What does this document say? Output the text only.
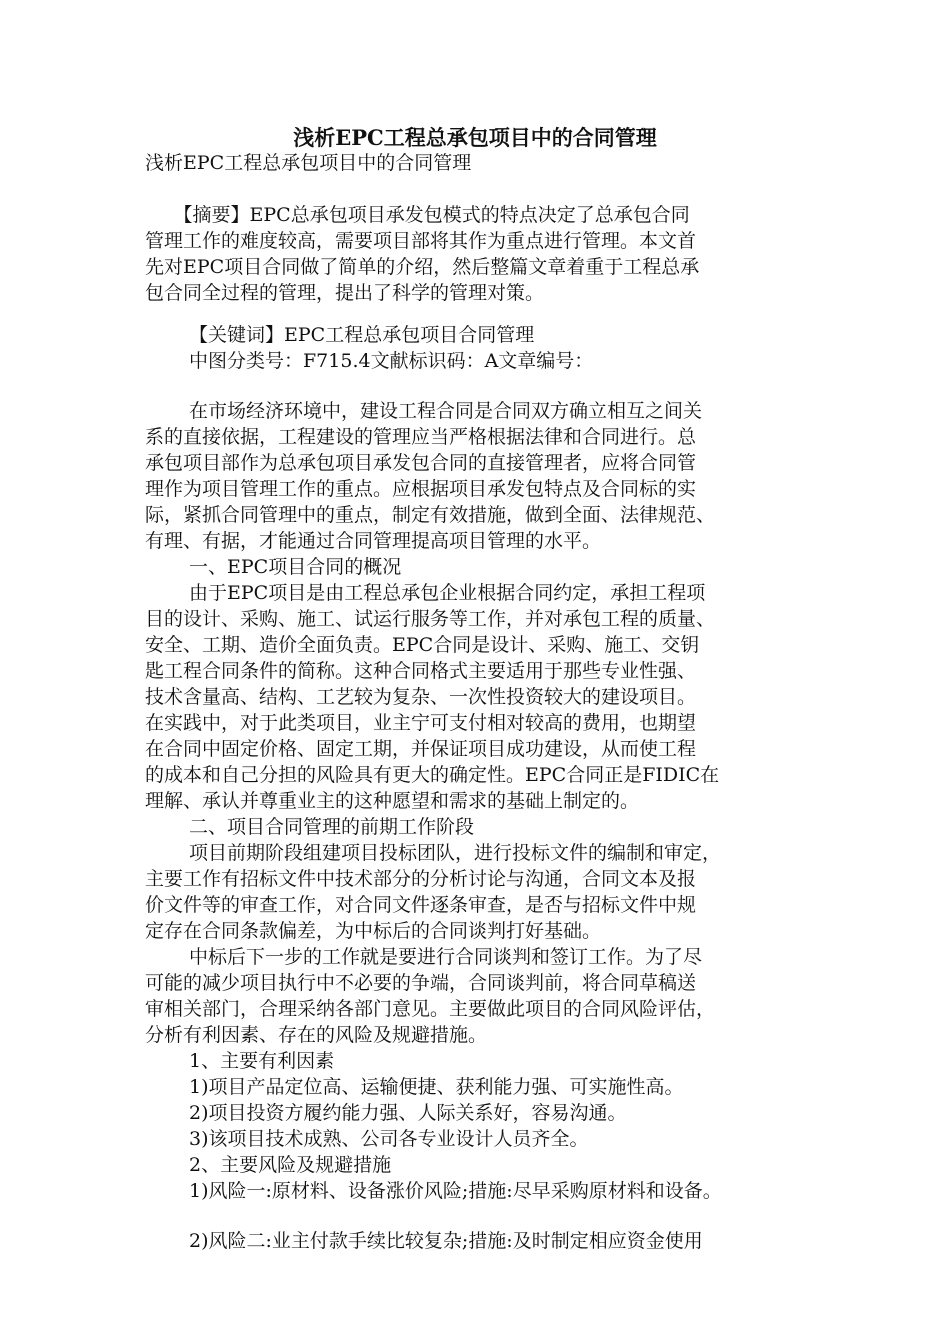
浅析EPC工程总承包项目中的合同管理
浅析EPC工程总承包项目中的合同管理
　　【摘要】EPC总承包项目承发包模式的特点决定了总承包合同
管理工作的难度较高，需要项目部将其作为重点进行管理。本文首
先对EPC项目合同做了简单的介绍，然后整篇文章着重于工程总承
包合同全过程的管理，提出了科学的管理对策。
【关键词】EPC工程总承包项目合同管理
中图分类号：F715.4文献标识码：A文章编号：
在市场经济环境中，建设工程合同是合同双方确立相互之间关
系的直接依据，工程建设的管理应当严格根据法律和合同进行。总
承包项目部作为总承包项目承发包合同的直接管理者，应将合同管
理作为项目管理工作的重点。应根据项目承发包特点及合同标的实
际，紧抓合同管理中的重点，制定有效措施，做到全面、法律规范、
有理、有据，才能通过合同管理提高项目管理的水平。
一、EPC项目合同的概况
由于EPC项目是由工程总承包企业根据合同约定，承担工程项
目的设计、采购、施工、试运行服务等工作，并对承包工程的质量、
安全、工期、造价全面负责。EPC合同是设计、采购、施工、交钥
匙工程合同条件的简称。这种合同格式主要适用于那些专业性强、
技术含量高、结构、工艺较为复杂、一次性投资较大的建设项目。
在实践中，对于此类项目，业主宁可支付相对较高的费用，也期望
在合同中固定价格、固定工期，并保证项目成功建设，从而使工程
的成本和自己分担的风险具有更大的确定性。EPC合同正是FIDIC在
理解、承认并尊重业主的这种愿望和需求的基础上制定的。
二、项目合同管理的前期工作阶段
项目前期阶段组建项目投标团队，进行投标文件的编制和审定，
主要工作有招标文件中技术部分的分析讨论与沟通，合同文本及报
价文件等的审查工作，对合同文件逐条审查，是否与招标文件中规
定存在合同条款偏差，为中标后的合同谈判打好基础。
中标后下一步的工作就是要进行合同谈判和签订工作。为了尽
可能的减少项目执行中不必要的争端，合同谈判前，将合同草稿送
审相关部门，合理采纳各部门意见。主要做此项目的合同风险评估，
分析有利因素、存在的风险及规避措施。
1、主要有利因素
1)项目产品定位高、运输便捷、获利能力强、可实施性高。
2)项目投资方履约能力强、人际关系好，容易沟通。
3)该项目技术成熟、公司各专业设计人员齐全。
2、主要风险及规避措施
1)风险一:原材料、设备涨价风险;措施:尽早采购原材料和设备。
2)风险二:业主付款手续比较复杂;措施:及时制定相应资金使用
